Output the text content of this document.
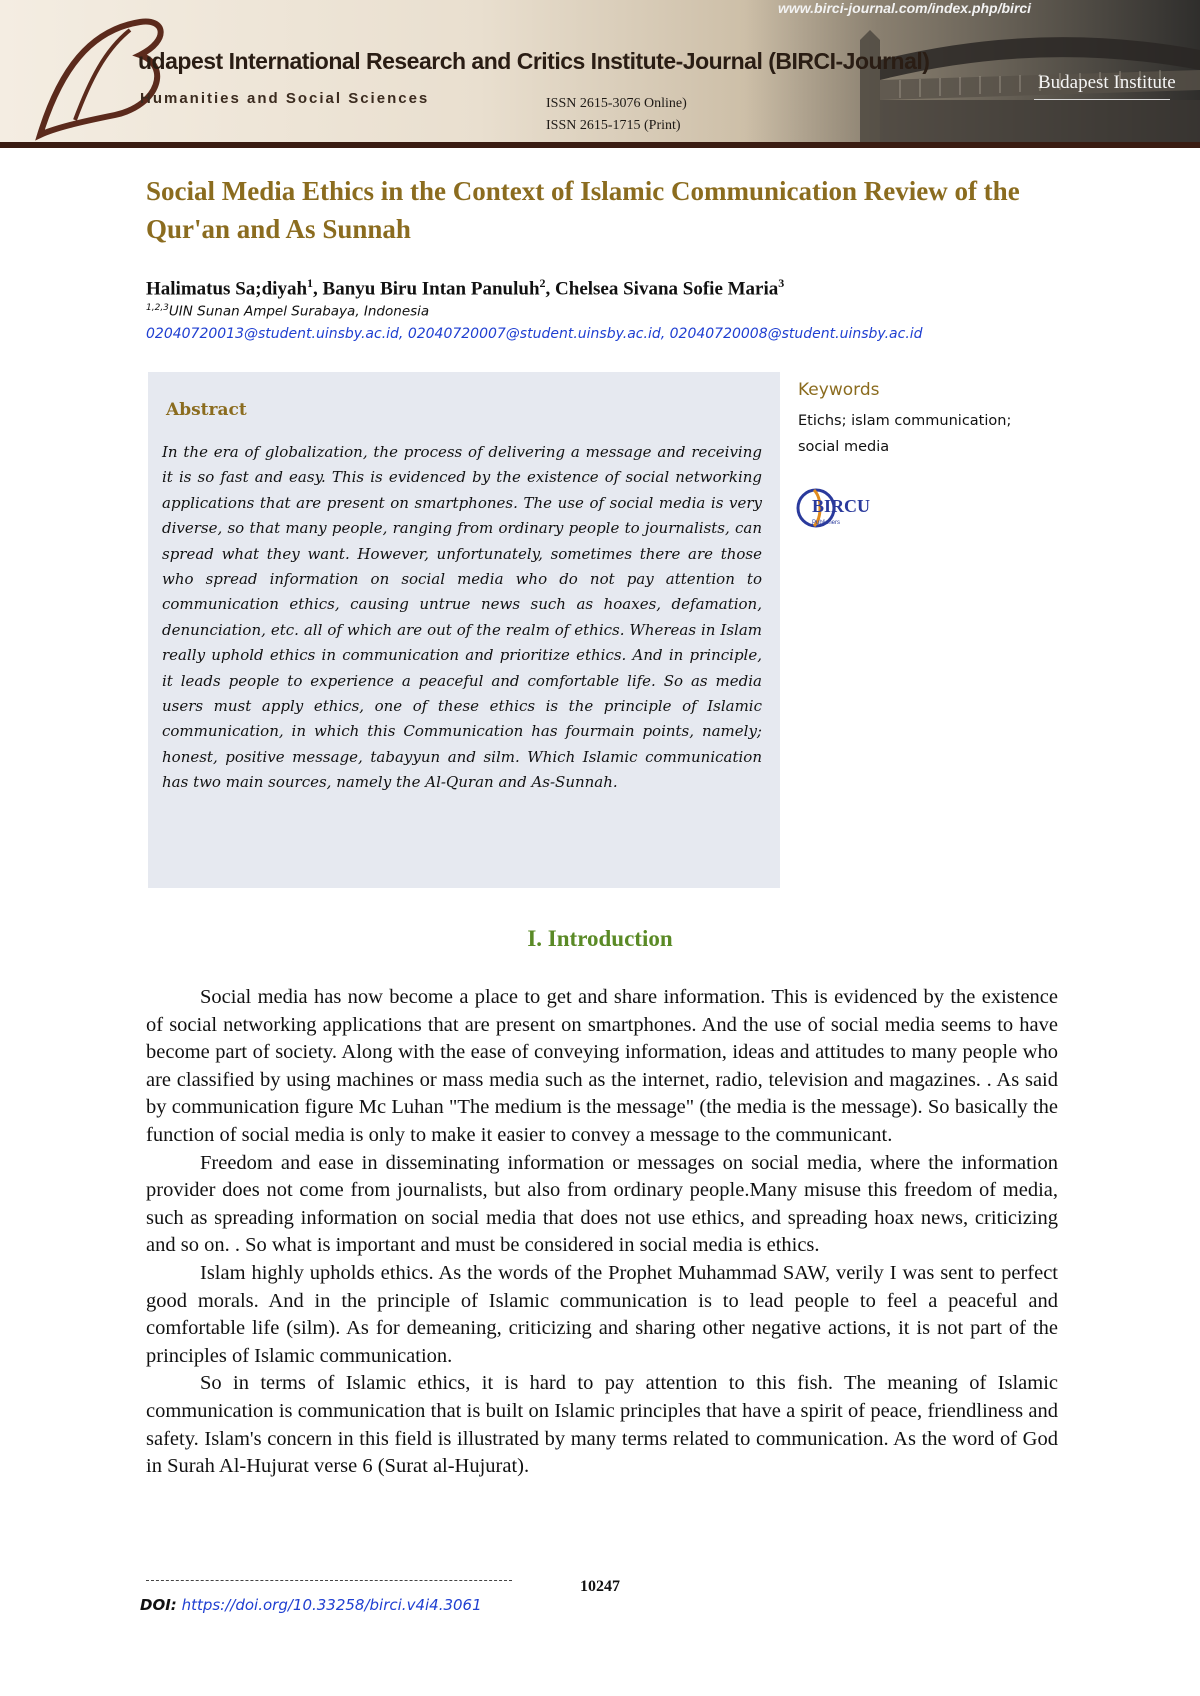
www.birci-journal.com/index.php/birci
udapest International Research and Critics Institute-Journal (BIRCI-Journal)
Humanities and Social Sciences	ISSN 2615-3076 Online)
ISSN 2615-1715 (Print)
Budapest Institute
Social Media Ethics in the Context of Islamic Communication Review of the Qur'an and As Sunnah
Halimatus Sa;diyah$^1$, Banyu Biru Intan Panuluh$^2$, Chelsea Sivana Sofie Maria$^3$
$^{1,2,3}$UIN Sunan Ampel Surabaya, Indonesia
02040720013@student.uinsby.ac.id, 02040720007@student.uinsby.ac.id, 02040720008@student.uinsby.ac.id
Abstract
In the era of globalization, the process of delivering a message and receiving it is so fast and easy. This is evidenced by the existence of social networking applications that are present on smartphones. The use of social media is very diverse, so that many people, ranging from ordinary people to journalists, can spread what they want. However, unfortunately, sometimes there are those who spread information on social media who do not pay attention to communication ethics, causing untrue news such as hoaxes, defamation, denunciation, etc. all of which are out of the realm of ethics. Whereas in Islam really uphold ethics in communication and prioritize ethics. And in principle, it leads people to experience a peaceful and comfortable life. So as media users must apply ethics, one of these ethics is the principle of Islamic communication, in which this Communication has fourmain points, namely; honest, positive message, tabayyun and silm. Which Islamic communication has two main sources, namely the Al-Quran and As-Sunnah.
Keywords
Etichs; islam communication; social media
BIRCU
Publishers
I. Introduction

Social media has now become a place to get and share information. This is evidenced by the existence of social networking applications that are present on smartphones. And the use of social media seems to have become part of society. Along with the ease of conveying information, ideas and attitudes to many people who are classified by using machines or mass media such as the internet, radio, television and magazines. . As said by communication figure Mc Luhan "The medium is the message" (the media is the message). So basically the function of social media is only to make it easier to convey a message to the communicant.

Freedom and ease in disseminating information or messages on social media, where the information provider does not come from journalists, but also from ordinary people.Many misuse this freedom of media, such as spreading information on social media that does not use ethics, and spreading hoax news, criticizing and so on. . So what is important and must be considered in social media is ethics.

Islam highly upholds ethics. As the words of the Prophet Muhammad SAW, verily I was sent to perfect good morals. And in the principle of Islamic communication is to lead people to feel a peaceful and comfortable life (silm). As for demeaning, criticizing and sharing other negative actions, it is not part of the principles of Islamic communication.

So in terms of Islamic ethics, it is hard to pay attention to this fish. The meaning of Islamic communication is communication that is built on Islamic principles that have a spirit of peace, friendliness and safety. Islam's concern in this field is illustrated by many terms related to communication. As the word of God in Surah Al-Hujurat verse 6 (Surat al-Hujurat).

10247
DOI: https://doi.org/10.33258/birci.v4i4.3061
